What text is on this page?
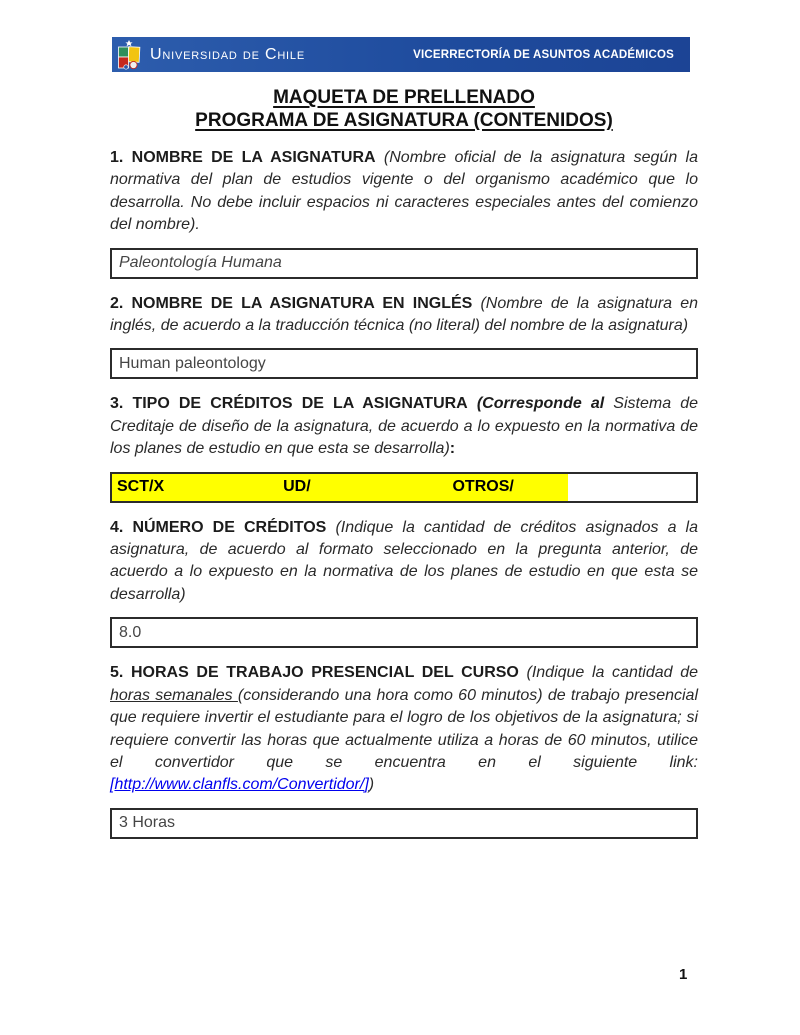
Universidad de Chile	VICERRECTORÍA DE ASUNTOS ACADÉMICOS
MAQUETA DE PRELLENADO
PROGRAMA DE ASIGNATURA (CONTENIDOS)

1. NOMBRE DE LA ASIGNATURA (Nombre oficial de la asignatura según la normativa del plan de estudios vigente o del organismo académico que lo desarrolla. No debe incluir espacios ni caracteres especiales antes del comienzo del nombre).

Paleontología Humana

2. NOMBRE DE LA ASIGNATURA EN INGLÉS (Nombre de la asignatura en inglés, de acuerdo a la traducción técnica (no literal) del nombre de la asignatura)

Human paleontology

3. TIPO DE CRÉDITOS DE LA ASIGNATURA (Corresponde al Sistema de Creditaje de diseño de la asignatura, de acuerdo a lo expuesto en la normativa de los planes de estudio en que esta se desarrolla):

SCT/X	UD/	OTROS/

4. NÚMERO DE CRÉDITOS (Indique la cantidad de créditos asignados a la asignatura, de acuerdo al formato seleccionado en la pregunta anterior, de acuerdo a lo expuesto en la normativa de los planes de estudio en que esta se desarrolla)

8.0

5. HORAS DE TRABAJO PRESENCIAL DEL CURSO (Indique la cantidad de horas semanales (considerando una hora como 60 minutos) de trabajo presencial que requiere invertir el estudiante para el logro de los objetivos de la asignatura; si requiere convertir las horas que actualmente utiliza a horas de 60 minutos, utilice el convertidor que se encuentra en el siguiente link: [http://www.clanfls.com/Convertidor/])

3 Horas
1
